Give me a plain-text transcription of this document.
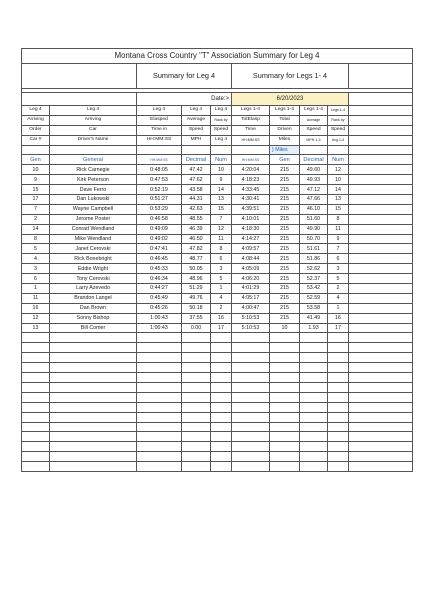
Montana Cross Country "T" Association Summary for Leg 4									
		Summary for Leg 4			Summary for Legs 1- 4				

		Date:>			6/20/2023				
Leg 4	Leg 4	Leg 4	Leg 4	Leg 4	Legs 1-4	Legs 1-4	Legs 1-4	Legs 1-4	
Arriving	Arriving	Elasped	Average	Rank by	TotElasp	Total	Average	Rank by	
Order	Car	Time in	Speed	Speed	Time	Driven	Speed	Speed	
Car #	Driver's Name	HH:MM:SS	MPH	Leg 4	HH:MM:SS	Miles	MPH 1-4	Avg 1-4	
						} Miles			
Gen	General	HH:MM:SS	Decimal	Num	HH:MM:SS	Gen	Decimal	Num	
10	Rick Carnegie	0:48:05	47.42	10	4:20:04	215	49.60	12	
9	Kirk Peterson	0:47:53	47.62	9	4:18:23	215	49.93	10	
15	Dave Ferro	0:52:19	43.58	14	4:33:45	215	47.12	14	
17	Dan Lukowski	0:51:27	44.31	13	4:30:41	215	47.66	13	
7	Wayne Campbell	0:53:29	42.63	15	4:39:51	215	46.10	15	
2	Jerome Poster	0:46:58	48.55	7	4:10:01	215	51.60	8	
14	Conrad Wendland	0:49:09	46.39	12	4:18:30	215	49.90	11	
8	Mike Wendland	0:49:02	46.50	11	4:14:27	215	50.70	9	
5	Janet Cerovski	0:47:41	47.82	8	4:09:57	215	51.61	7	
4	Rick Bonebright	0:46:45	48.77	6	4:08:44	215	51.86	6	
3	Eddie Wright	0:45:33	50.05	3	4:05:09	215	52.62	3	
6	Tony Cerovski	0:46:34	48.96	5	4:06:20	215	52.37	5	
1	Larry Azevedo	0:44:27	51.29	1	4:01:29	215	53.42	2	
11	Brandon Langel	0:45:49	49.76	4	4:05:17	215	52.59	4	
16	Dan Brown	0:45:26	50.18	2	4:00:47	215	53.58	1	
12	Sonny Bishop	1:00:43	37.55	16	5:10:53	215	41.49	16	
13	Bill Comer	1:00:43	0.00	17	5:10:53	10	1.93	17	
